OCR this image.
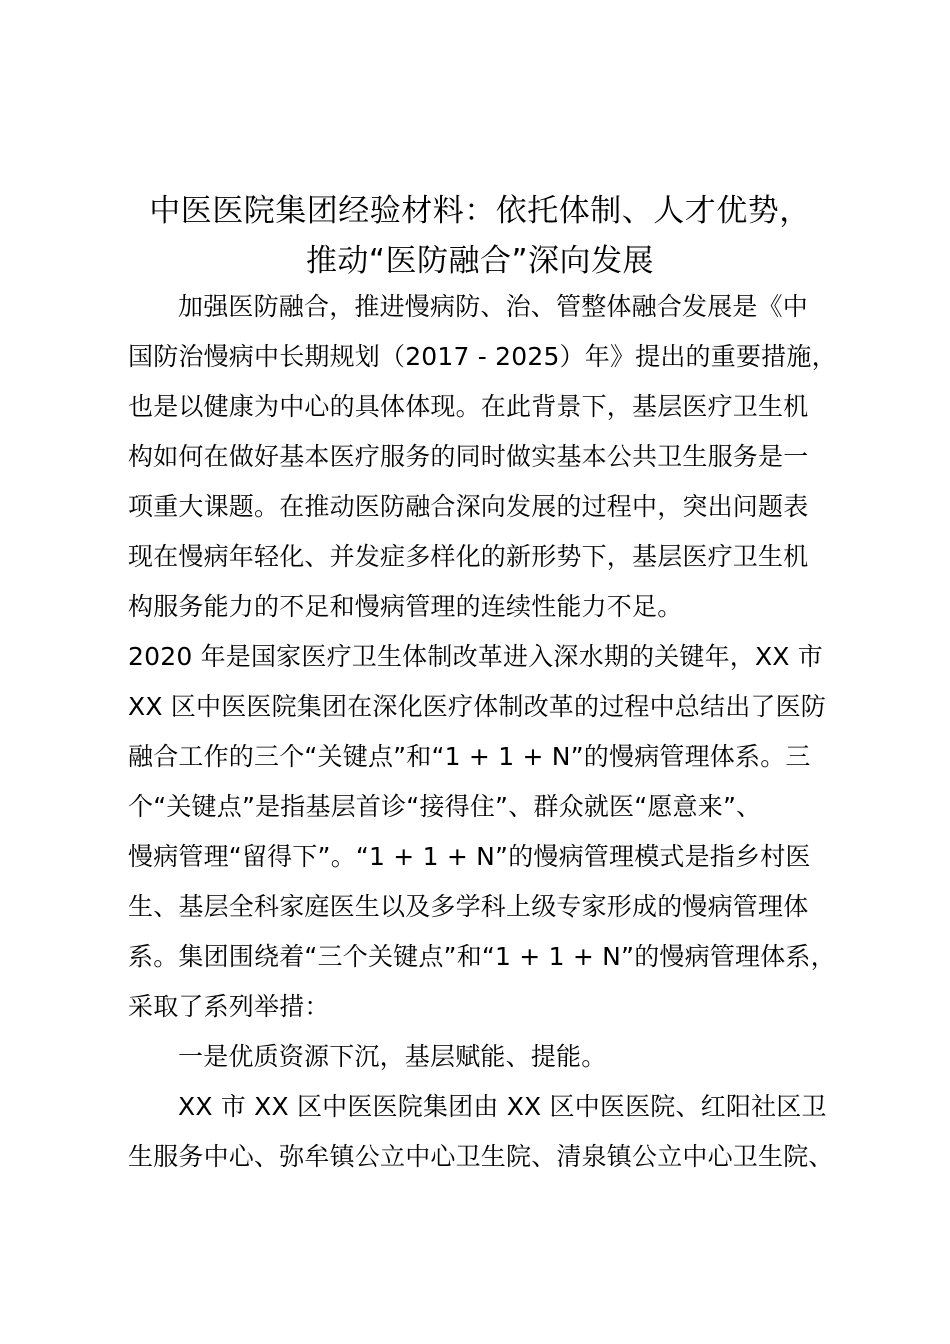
中医医院集团经验材料：依托体制、人才优势，
推动“医防融合”深向发展
加强医防融合，推进慢病防、治、管整体融合发展是《中
国防治慢病中长期规划（2017 - 2025）年》提出的重要措施，
也是以健康为中心的具体体现。在此背景下，基层医疗卫生机
构如何在做好基本医疗服务的同时做实基本公共卫生服务是一
项重大课题。在推动医防融合深向发展的过程中，突出问题表
现在慢病年轻化、并发症多样化的新形势下，基层医疗卫生机
构服务能力的不足和慢病管理的连续性能力不足。
2020 年是国家医疗卫生体制改革进入深水期的关键年，XX 市
XX 区中医医院集团在深化医疗体制改革的过程中总结出了医防
融合工作的三个“关键点”和“1 + 1 + N”的慢病管理体系。三
个“关键点”是指基层首诊“接得住”、群众就医“愿意来”、
慢病管理“留得下”。“1 + 1 + N”的慢病管理模式是指乡村医
生、基层全科家庭医生以及多学科上级专家形成的慢病管理体
系。集团围绕着“三个关键点”和“1 + 1 + N”的慢病管理体系，
采取了系列举措：
一是优质资源下沉，基层赋能、提能。
XX 市 XX 区中医医院集团由 XX 区中医医院、红阳社区卫
生服务中心、弥牟镇公立中心卫生院、清泉镇公立中心卫生院、
